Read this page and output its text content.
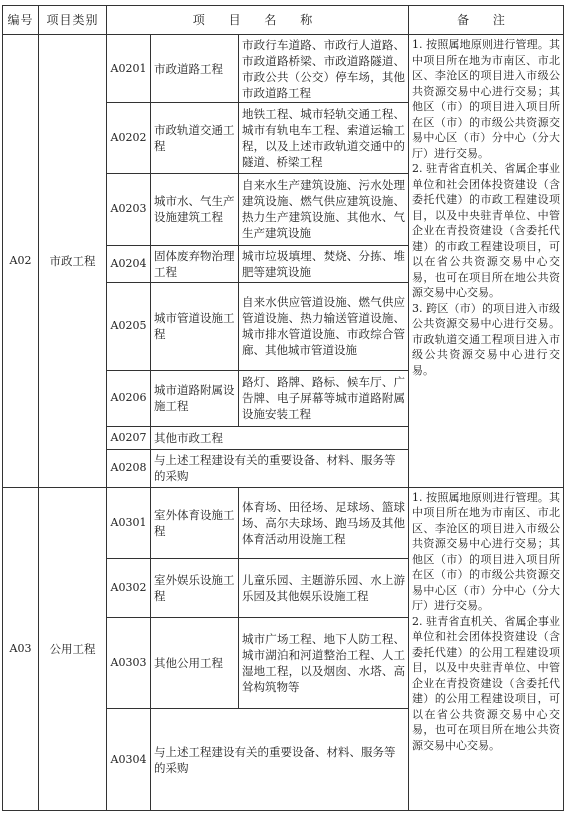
编号	项目类别	项 目 名 称			备 注
A02	市政工程	A0201	市政道路工程	市政行车道路、市政行人道路、市政道路桥梁、市政道路隧道、市政公共（公交）停车场，其他市政道路工程	1. 按照属地原则进行管理。其中项目所在地为市南区、市北区、李沧区的项目进入市级公共资源交易中心进行交易；其他区（市）的项目进入项目所在区（市）的市级公共资源交易中心区（市）分中心（分大厅）进行交易。
2. 驻青省直机关、省属企事业单位和社会团体投资建设（含委托代建）的市政工程建设项目，以及中央驻青单位、中管企业在青投资建设（含委托代建）的市政工程建设项目，可以在省公共资源交易中心交易，也可在项目所在地公共资源交易中心交易。
3. 跨区（市）的项目进入市级公共资源交易中心进行交易。市政轨道交通工程项目进入市级公共资源交易中心进行交易。

		A0202	市政轨道交通工程	地铁工程、城市轻轨交通工程、城市有轨电车工程、索道运输工程，以及上述市政轨道交通中的隧道、桥梁工程	
		A0203	城市水、气生产设施建筑工程	自来水生产建筑设施、污水处理建筑设施、燃气供应建筑设施、热力生产建筑设施、其他水、气生产建筑设施	
		A0204	固体废弃物治理工程	城市垃圾填埋、焚烧、分拣、堆肥等建筑设施	
		A0205	城市管道设施工程	自来水供应管道设施、燃气供应管道设施、热力输送管道设施、城市排水管道设施、市政综合管廊、其他城市管道设施	
		A0206	城市道路附属设施工程	路灯、路牌、路标、候车厅、广告牌、电子屏幕等城市道路附属设施安装工程	
		A0207	其他市政工程		
		A0208	与上述工程建设有关的重要设备、材料、服务等的采购		
A03	公用工程	A0301	室外体育设施工程	体育场、田径场、足球场、篮球场、高尔夫球场、跑马场及其他体育活动用设施工程	1. 按照属地原则进行管理。其中项目所在地为市南区、市北区、李沧区的项目进入市级公共资源交易中心进行交易；其他区（市）的项目进入项目所在区（市）的市级公共资源交易中心区（市）分中心（分大厅）进行交易。
2. 驻青省直机关、省属企事业单位和社会团体投资建设（含委托代建）的公用工程建设项目，以及中央驻青单位、中管企业在青投资建设（含委托代建）的公用工程建设项目，可以在省公共资源交易中心交易，也可在项目所在地公共资源交易中心交易。

		A0302	室外娱乐设施工程	儿童乐园、主题游乐园、水上游乐园及其他娱乐设施工程	
		A0303	其他公用工程	城市广场工程、地下人防工程、城市湖泊和河道整治工程、人工湿地工程，以及烟囱、水塔、高耸构筑物等	
		A0304	与上述工程建设有关的重要设备、材料、服务等的采购		
